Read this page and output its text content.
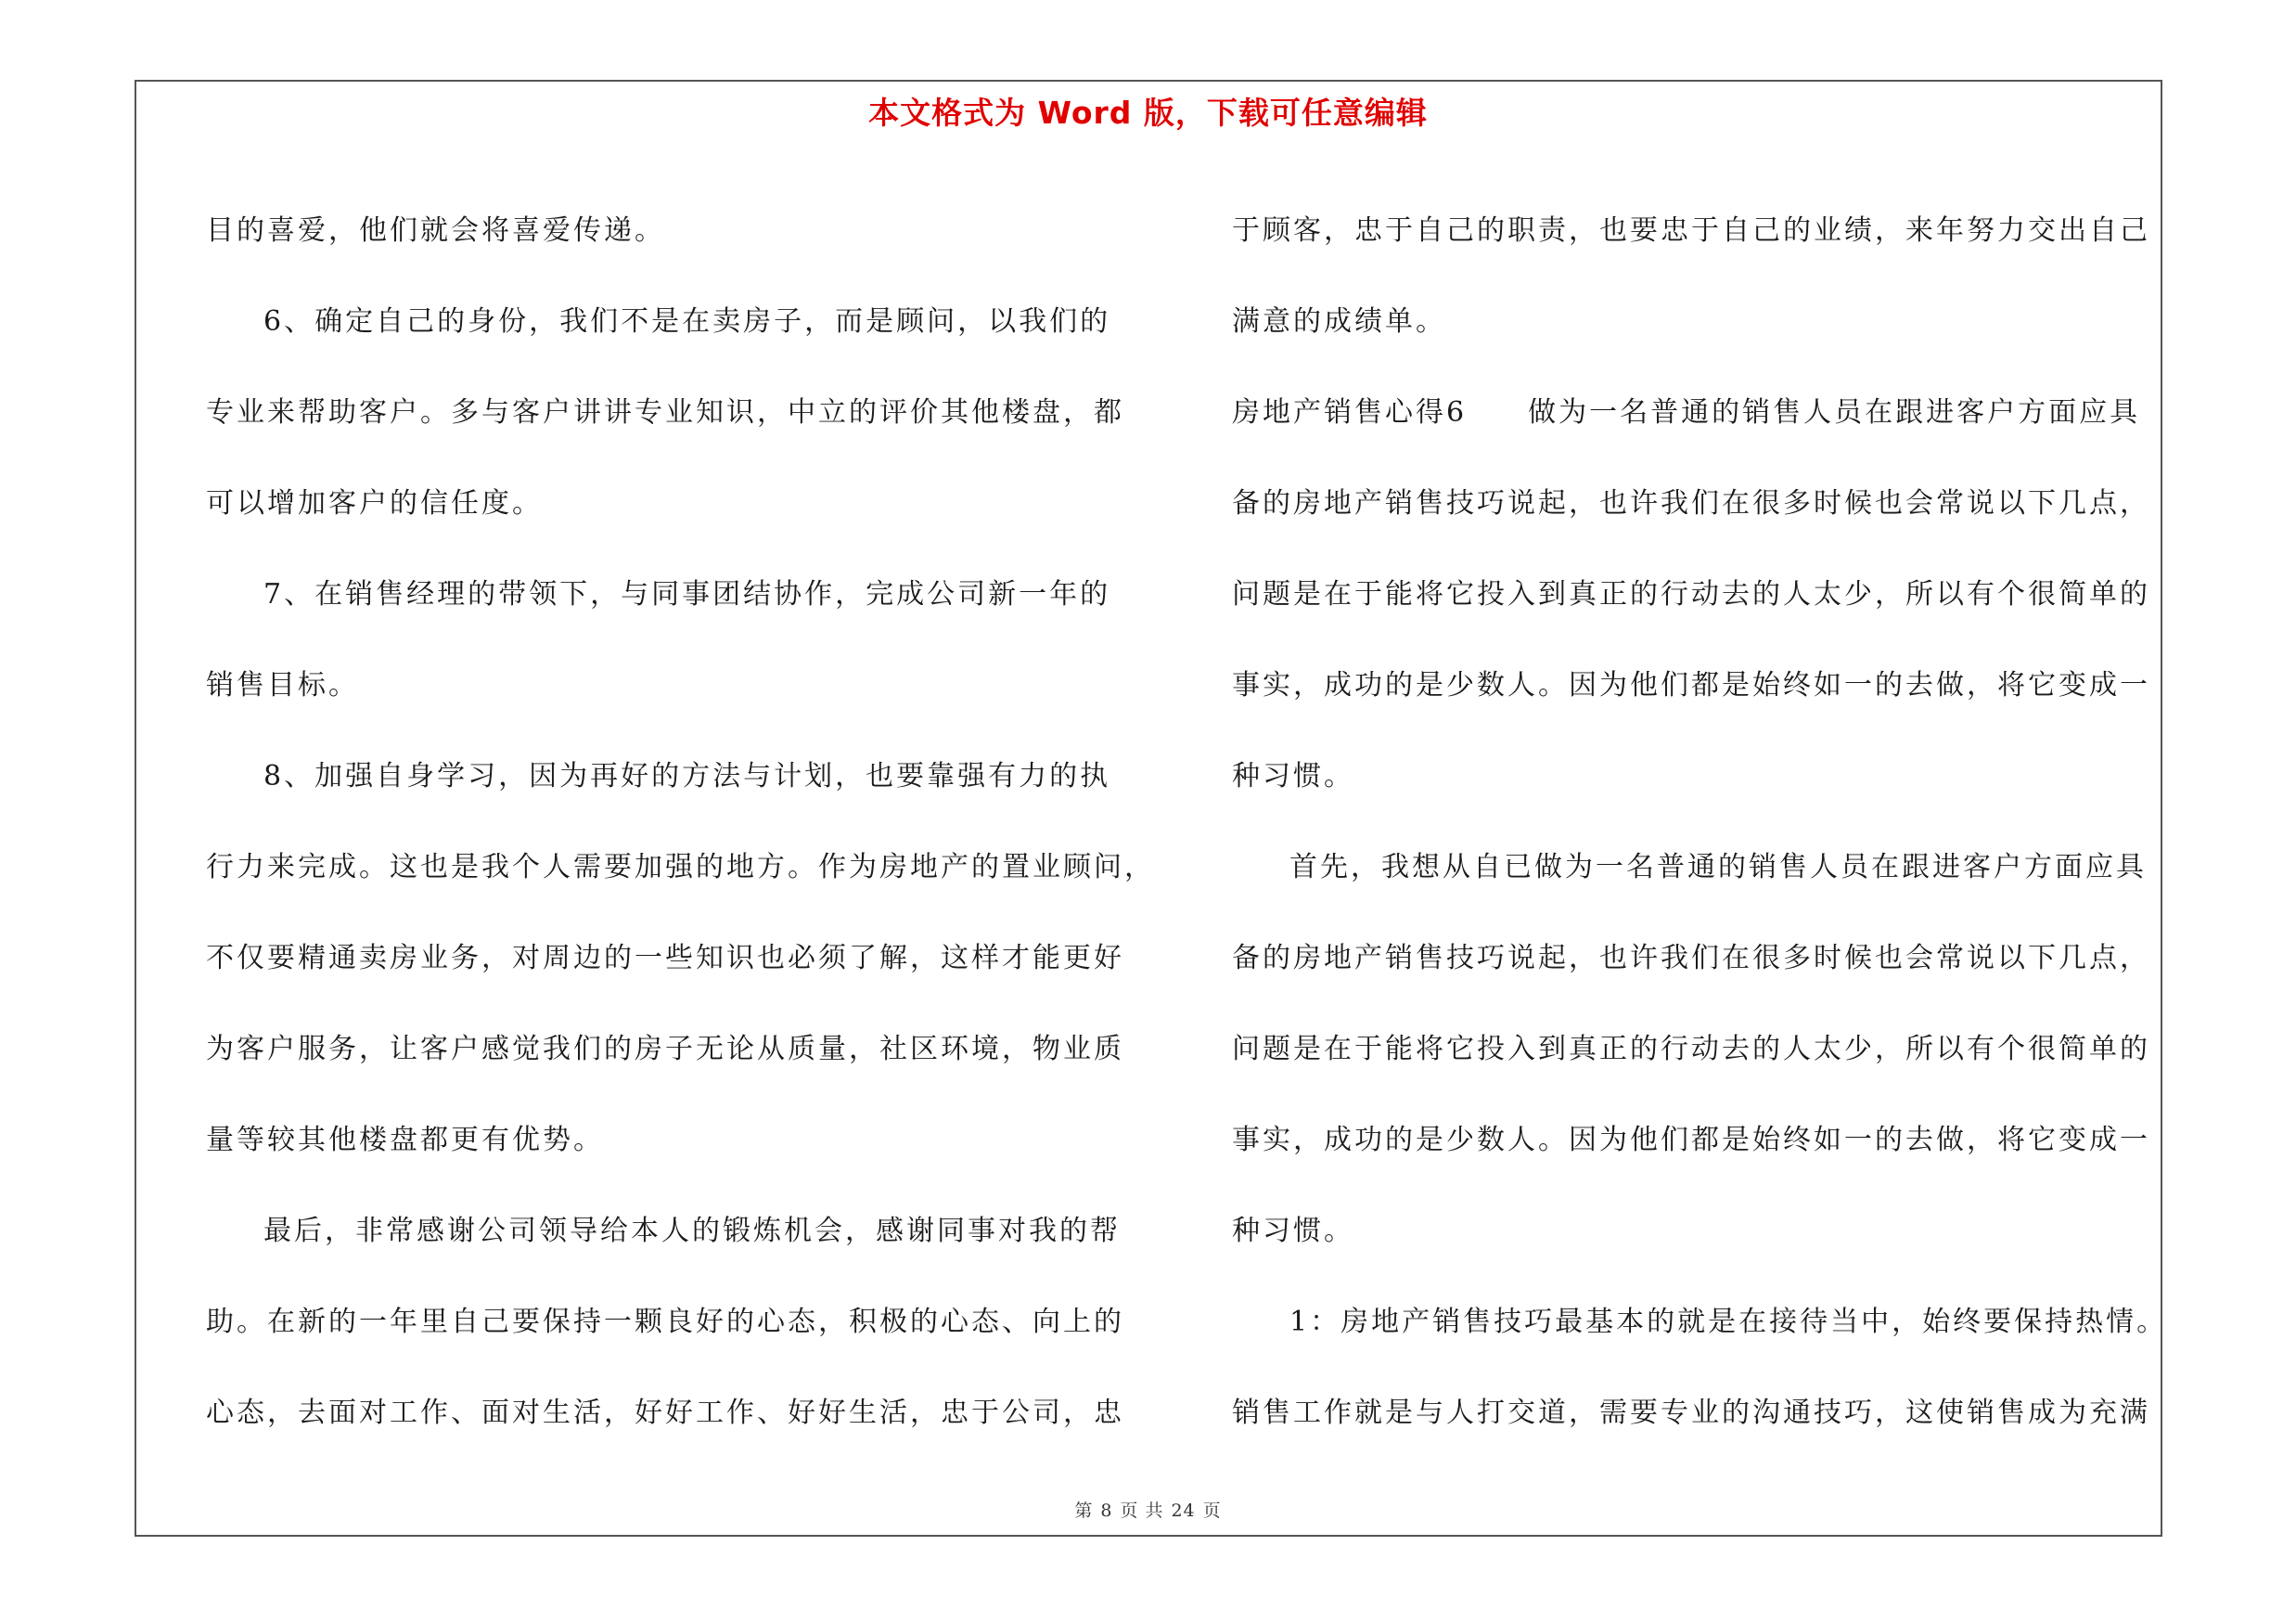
本文格式为 Word 版，下载可任意编辑
目的喜爱，他们就会将喜爱传递。
6、确定自己的身份，我们不是在卖房子，而是顾问，以我们的
专业来帮助客户。多与客户讲讲专业知识，中立的评价其他楼盘，都
可以增加客户的信任度。
7、在销售经理的带领下，与同事团结协作，完成公司新一年的
销售目标。
8、加强自身学习，因为再好的方法与计划，也要靠强有力的执
行力来完成。这也是我个人需要加强的地方。作为房地产的置业顾问，
不仅要精通卖房业务，对周边的一些知识也必须了解，这样才能更好
为客户服务，让客户感觉我们的房子无论从质量，社区环境，物业质
量等较其他楼盘都更有优势。
最后，非常感谢公司领导给本人的锻炼机会，感谢同事对我的帮
助。在新的一年里自己要保持一颗良好的心态，积极的心态、向上的
心态，去面对工作、面对生活，好好工作、好好生活，忠于公司，忠
于顾客，忠于自己的职责，也要忠于自己的业绩，来年努力交出自己
满意的成绩单。
房地产销售心得6　　做为一名普通的销售人员在跟进客户方面应具
备的房地产销售技巧说起，也许我们在很多时候也会常说以下几点，
问题是在于能将它投入到真正的行动去的人太少，所以有个很简单的
事实，成功的是少数人。因为他们都是始终如一的去做，将它变成一
种习惯。
首先，我想从自已做为一名普通的销售人员在跟进客户方面应具
备的房地产销售技巧说起，也许我们在很多时候也会常说以下几点，
问题是在于能将它投入到真正的行动去的人太少，所以有个很简单的
事实，成功的是少数人。因为他们都是始终如一的去做，将它变成一
种习惯。
1：房地产销售技巧最基本的就是在接待当中，始终要保持热情。
销售工作就是与人打交道，需要专业的沟通技巧，这使销售成为充满
第 8 页 共 24 页
